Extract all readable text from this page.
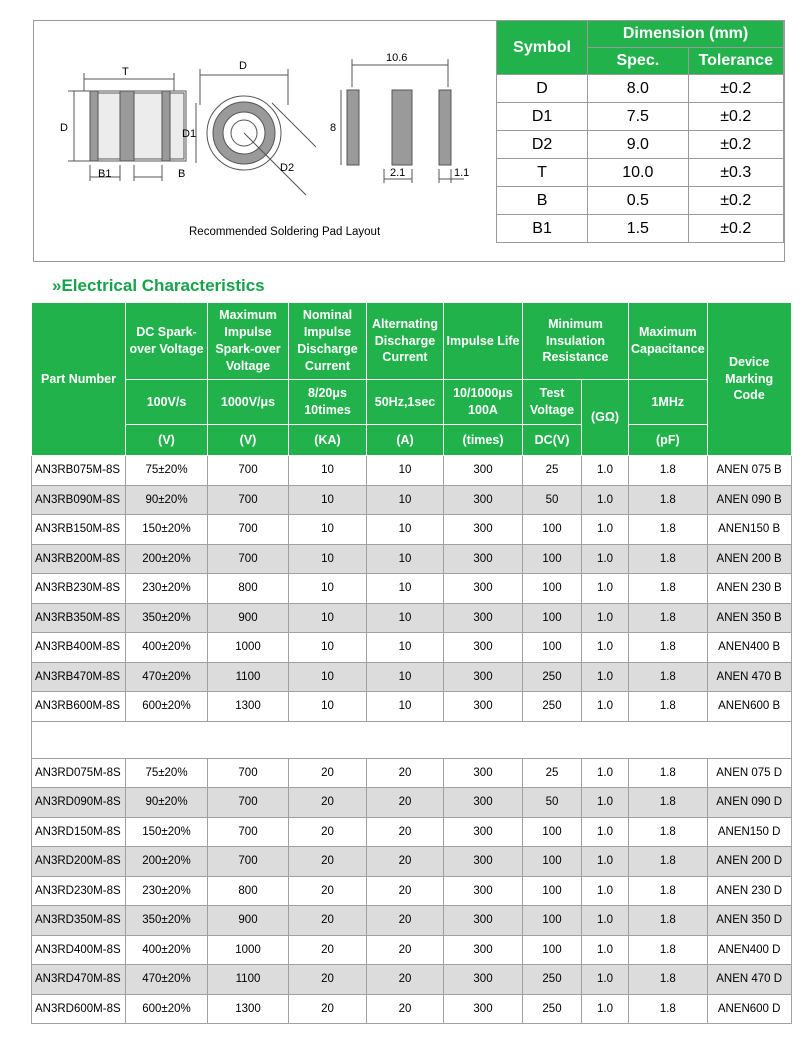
T
D
B1	B
D
D1
D2
10.6
8
2.1	1.1
Recommended Soldering Pad Layout
Symbol	Dimension (mm)	
	Spec.	Tolerance
D	8.0	±0.2
D1	7.5	±0.2
D2	9.0	±0.2
T	10.0	±0.3
B	0.5	±0.2
B1	1.5	±0.2
»Electrical Characteristics
Part Number	DC Spark-over Voltage	Maximum Impulse Spark-over Voltage	Nominal Impulse Discharge Current	Alternating Discharge Current	Impulse Life	Minimum Insulation Resistance		Maximum Capacitance	Device Marking Code
	100V/s	1000V/μs	8/20μs 10times	50Hz,1sec	10/1000μs 100A	Test Voltage	(GΩ)	1MHz	
	(V)	(V)	(KA)	(A)	(times)	DC(V)		(pF)	
AN3RB075M-8S	75±20%	700	10	10	300	25	1.0	1.8	ANEN 075 B
AN3RB090M-8S	90±20%	700	10	10	300	50	1.0	1.8	ANEN 090 B
AN3RB150M-8S	150±20%	700	10	10	300	100	1.0	1.8	ANEN150 B
AN3RB200M-8S	200±20%	700	10	10	300	100	1.0	1.8	ANEN 200 B
AN3RB230M-8S	230±20%	800	10	10	300	100	1.0	1.8	ANEN 230 B
AN3RB350M-8S	350±20%	900	10	10	300	100	1.0	1.8	ANEN 350 B
AN3RB400M-8S	400±20%	1000	10	10	300	100	1.0	1.8	ANEN400 B
AN3RB470M-8S	470±20%	1100	10	10	300	250	1.0	1.8	ANEN 470 B
AN3RB600M-8S	600±20%	1300	10	10	300	250	1.0	1.8	ANEN600 B

AN3RD075M-8S	75±20%	700	20	20	300	25	1.0	1.8	ANEN 075 D
AN3RD090M-8S	90±20%	700	20	20	300	50	1.0	1.8	ANEN 090 D
AN3RD150M-8S	150±20%	700	20	20	300	100	1.0	1.8	ANEN150 D
AN3RD200M-8S	200±20%	700	20	20	300	100	1.0	1.8	ANEN 200 D
AN3RD230M-8S	230±20%	800	20	20	300	100	1.0	1.8	ANEN 230 D
AN3RD350M-8S	350±20%	900	20	20	300	100	1.0	1.8	ANEN 350 D
AN3RD400M-8S	400±20%	1000	20	20	300	100	1.0	1.8	ANEN400 D
AN3RD470M-8S	470±20%	1100	20	20	300	250	1.0	1.8	ANEN 470 D
AN3RD600M-8S	600±20%	1300	20	20	300	250	1.0	1.8	ANEN600 D
